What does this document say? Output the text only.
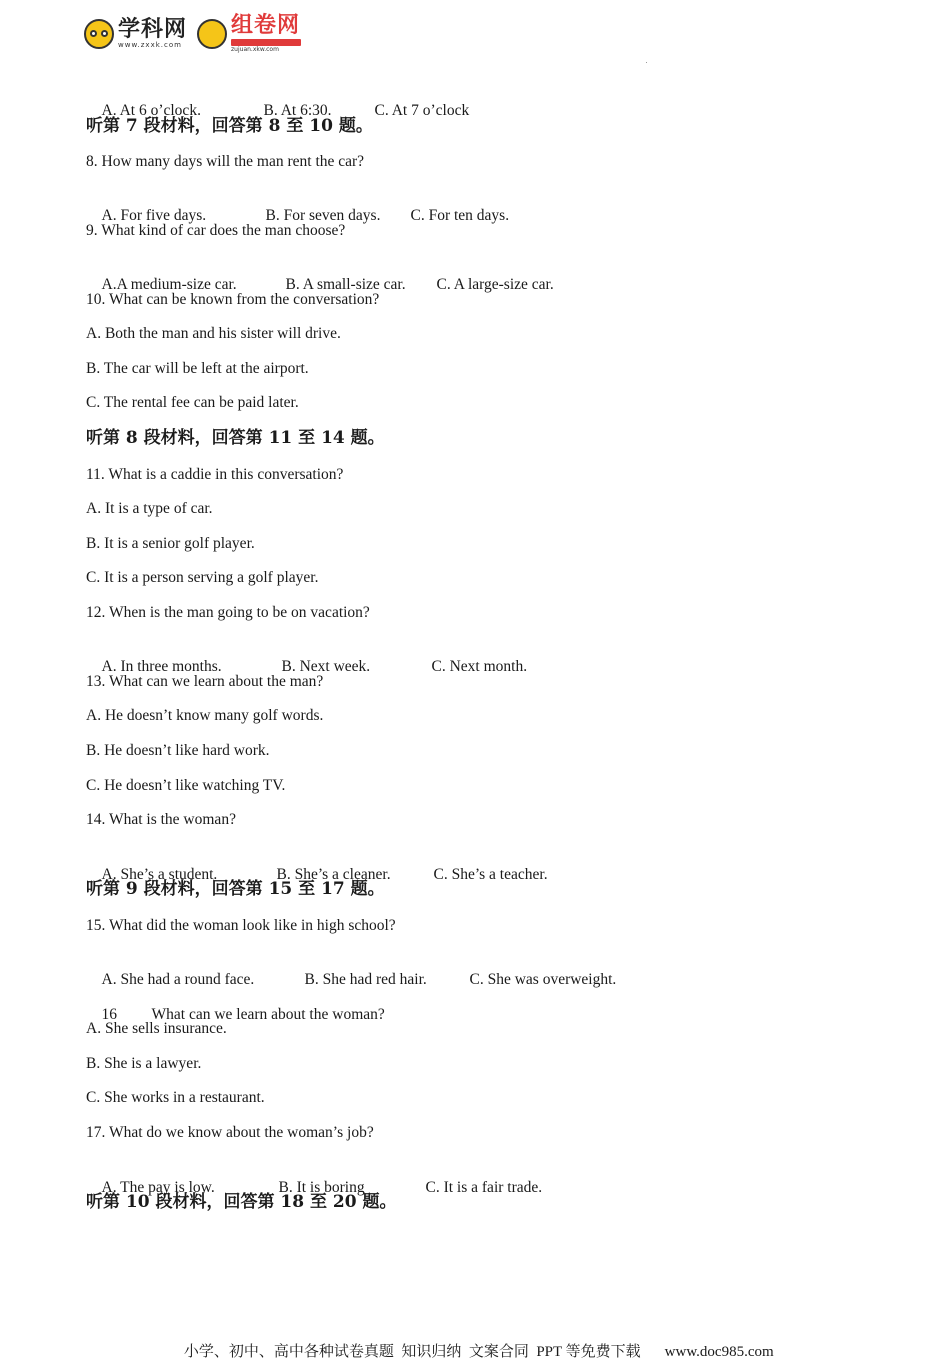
学科网
www.zxxk.com
组卷网
zujuan.xkw.com

A. At 6 o’clock.	B. At 6:30.	C. At 7 o’clock

听第 7 段材料，回答第 8 至 10 题。
8. How many days will the man rent the car?

A. For five days.	B. For seven days. C. For ten days.

9. What kind of car does the man choose?

A.A medium-size car.	B. A small-size car. C. A large-size car.

10. What can be known from the conversation?
A. Both the man and his sister will drive.
B. The car will be left at the airport.
C. The rental fee can be paid later.
听第 8 段材料，回答第 11 至 14 题。
11. What is a caddie in this conversation?
A. It is a type of car.
B. It is a senior golf player.
C. It is a person serving a golf player.
12. When is the man going to be on vacation?

A. In three months.	B. Next week.	C. Next month.

13. What can we learn about the man?
A. He doesn’t know many golf words.
B. He doesn’t like hard work.
C. He doesn’t like watching TV.
14. What is the woman?

A. She’s a student.	B. She’s a cleaner.	C. She’s a teacher.

听第 9 段材料，回答第 15 至 17 题。
15. What did the woman look like in high school?

A. She had a round face.	B. She had red hair.	C. She was overweight.

16 What can we learn about the woman?

A. She sells insurance.
B. She is a lawyer.
C. She works in a restaurant.
17. What do we know about the woman’s job?

A. The pay is low.	B. It is boring	C. It is a fair trade.

听第 10 段材料，回答第 18 至 20 题。

小学、初中、高中各种试卷真题  知识归纳  文案合同  PPT 等免费下载 www.doc985.com
